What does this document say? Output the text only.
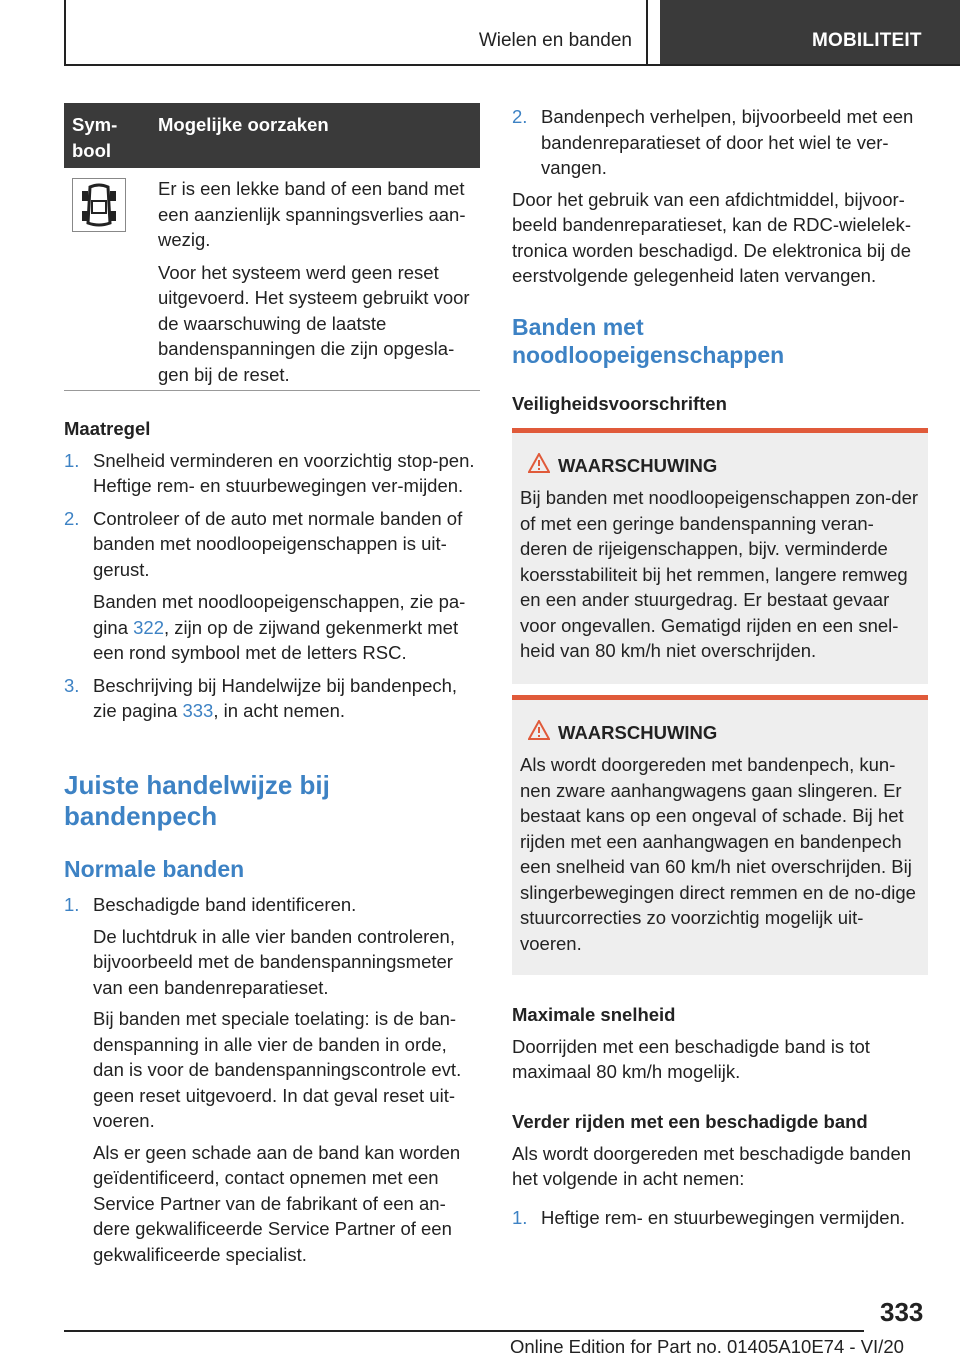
Wielen en banden	MOBILITEIT
Sym-
bool
Mogelijke oorzaken

Er is een lekke band of een band met een aanzienlijk spanningsverlies aan-wezig.

Voor het systeem werd geen reset uitgevoerd. Het systeem gebruikt voor de waarschuwing de laatste bandenspanningen die zijn opgesla-gen bij de reset.

Maatregel
1. Snelheid verminderen en voorzichtig stop-pen. Heftige rem- en stuurbewegingen ver-mijden.

2. Controleer of de auto met normale banden of banden met noodloopeigenschappen is uit-gerust.

Banden met noodloopeigenschappen, zie pa-gina 322, zijn op de zijwand gekenmerkt met een rond symbool met de letters RSC.

3. Beschrijving bij Handelwijze bij bandenpech, zie pagina 333, in acht nemen.

Juiste handelwijze bij bandenpech
Normale banden
1. Beschadigde band identificeren.

De luchtdruk in alle vier banden controleren, bijvoorbeeld met de bandenspanningsmeter van een bandenreparatieset.

Bij banden met speciale toelating: is de ban-denspanning in alle vier de banden in orde, dan is voor de bandenspanningscontrole evt. geen reset uitgevoerd. In dat geval reset uit-voeren.

Als er geen schade aan de band kan worden geïdentificeerd, contact opnemen met een Service Partner van de fabrikant of een an-dere gekwalificeerde Service Partner of een gekwalificeerde specialist.

2. Bandenpech verhelpen, bijvoorbeeld met een bandenreparatieset of door het wiel te ver-vangen.

Door het gebruik van een afdichtmiddel, bijvoor-beeld bandenreparatieset, kan de RDC-wielelek-tronica worden beschadigd. De elektronica bij de eerstvolgende gelegenheid laten vervangen.

Banden met noodloopeigenschappen
Veiligheidsvoorschriften
WAARSCHUWING

Bij banden met noodloopeigenschappen zon-der of met een geringe bandenspanning veran-deren de rijeigenschappen, bijv. verminderde koersstabiliteit bij het remmen, langere remweg en een ander stuurgedrag. Er bestaat gevaar voor ongevallen. Gematigd rijden en een snel-heid van 80 km/h niet overschrijden.

WAARSCHUWING

Als wordt doorgereden met bandenpech, kun-nen zware aanhangwagens gaan slingeren. Er bestaat kans op een ongeval of schade. Bij het rijden met een aanhangwagen en bandenpech een snelheid van 60 km/h niet overschrijden. Bij slingerbewegingen direct remmen en de no-dige stuurcorrecties zo voorzichtig mogelijk uit-voeren.

Maximale snelheid

Doorrijden met een beschadigde band is tot maximaal 80 km/h mogelijk.

Verder rijden met een beschadigde band

Als wordt doorgereden met beschadigde banden het volgende in acht nemen:

1. Heftige rem- en stuurbewegingen vermijden.

333
Online Edition for Part no. 01405A10E74 - VI/20
